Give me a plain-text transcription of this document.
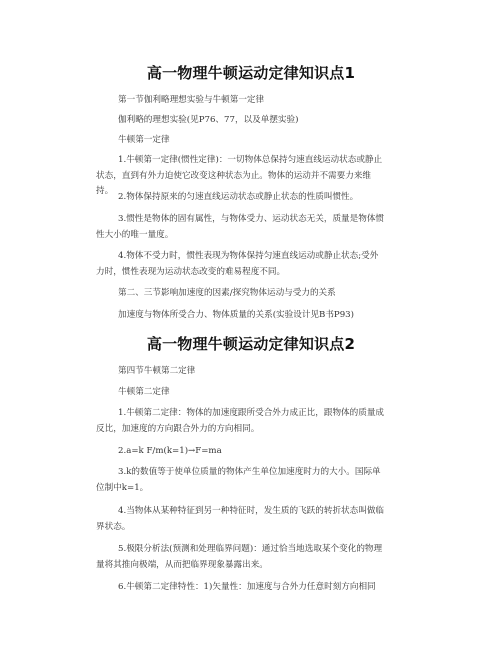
高一物理牛顿运动定律知识点1

第一节伽利略理想实验与牛顿第一定律

伽利略的理想实验(见P76、77，以及单摆实验)

牛顿第一定律

1.牛顿第一定律(惯性定律)：一切物体总保持匀速直线运动状态或静止状态，直到有外力迫使它改变这种状态为止。物体的运动并不需要力来维持。

2.物体保持原来的匀速直线运动状态或静止状态的性质叫惯性。

3.惯性是物体的固有属性，与物体受力、运动状态无关，质量是物体惯性大小的唯一量度。

4.物体不受力时，惯性表现为物体保持匀速直线运动或静止状态;受外力时，惯性表现为运动状态改变的难易程度不同。

第二、三节影响加速度的因素/探究物体运动与受力的关系

加速度与物体所受合力、物体质量的关系(实验设计见B书P93)

高一物理牛顿运动定律知识点2

第四节牛顿第二定律

牛顿第二定律

1.牛顿第二定律：物体的加速度跟所受合外力成正比，跟物体的质量成反比，加速度的方向跟合外力的方向相同。

2.a=k F/m(k=1)→F=ma

3.k的数值等于使单位质量的物体产生单位加速度时力的大小。国际单位制中k=1。

4.当物体从某种特征到另一种特征时，发生质的飞跃的转折状态叫做临界状态。

5.极限分析法(预测和处理临界问题)：通过恰当地选取某个变化的物理量将其推向极端，从而把临界现象暴露出来。

6.牛顿第二定律特性：1)矢量性：加速度与合外力任意时刻方向相同
